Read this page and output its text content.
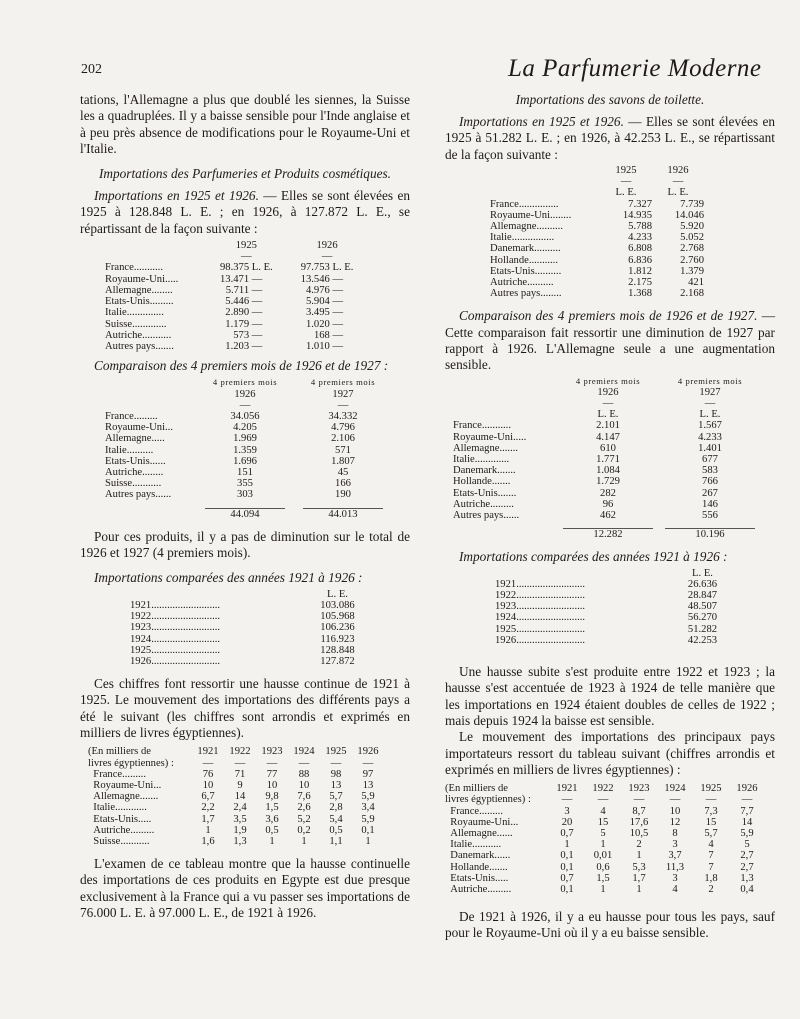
202	La Parfumerie Moderne

tations, l'Allemagne a plus que doublé les siennes, la Suisse les a quadruplées. Il y a baisse sensible pour l'Inde anglaise et à peu près absence de modifications pour le Royaume-Uni et l'Italie.

Importations des Parfumeries et Produits cosmétiques.

Importations en 1925 et 1926. — Elles se sont élevées en 1925 à 128.848 L. E. ; en 1926, à 127.872 L. E., se répartissant de la façon suivante :

	1925			1926	
	—			—	
France...........	98.375	L. E.		97.753	L. E.
Royaume-Uni.....	13.471	—		13.546	—
Allemagne........	5.711	—		4.976	—
Etats-Unis.........	5.446	—		5.904	—
Italie..............	2.890	—		3.495	—
Suisse.............	1.179	—		1.020	—
Autriche...........	573	—		168	—
Autres pays.......	1.203	—		1.010	—

Comparaison des 4 premiers mois de 1926 et de 1927 :

	4 premiers mois		4 premiers mois
	1926		1927
	—		—
France.........	34.056		34.332
Royaume-Uni...	4.205		4.796
Allemagne.....	1.969		2.106
Italie..........	1.359		571
Etats-Unis......	1.696		1.807
Autriche........	151		45
Suisse...........	355		166
Autres pays......	303		190

	44.094		44.013

Pour ces produits, il y a pas de diminution sur le total de 1926 et 1927 (4 premiers mois).

Importations comparées des années 1921 à 1926 :

	L. E.
1921..........................	103.086
1922..........................	105.968
1923..........................	106.236
1924..........................	116.923
1925..........................	128.848
1926..........................	127.872

Ces chiffres font ressortir une hausse continue de 1921 à 1925. Le mouvement des importations des différents pays a été le suivant (les chiffres sont arrondis et exprimés en milliers de livres égyptiennes).

(En milliers de	1921	1922	1923	1924	1925	1926
livres égyptiennes) :	—	—	—	—	—	—
France.........	76	71	77	88	98	97
Royaume-Uni...	10	9	10	10	13	13
Allemagne.......	6,7	14	9,8	7,6	5,7	5,9
Italie............	2,2	2,4	1,5	2,6	2,8	3,4
Etats-Unis.....	1,7	3,5	3,6	5,2	5,4	5,9
Autriche.........	1	1,9	0,5	0,2	0,5	0,1
Suisse...........	1,6	1,3	1	1	1,1	1

L'examen de ce tableau montre que la hausse continuelle des importations de ces produits en Egypte est due presque exclusivement à la France qui a vu passer ses importations de 76.000 L. E. à 97.000 L. E., de 1921 à 1926.

Importations des savons de toilette.

Importations en 1925 et 1926. — Elles se sont élevées en 1925 à 51.282 L. E. ; en 1926, à 42.253 L. E., se répartissant de la façon suivante :

	1925	1926
	—	—
	L. E.	L. E.
France...............	7.327	7.739
Royaume-Uni........	14.935	14.046
Allemagne..........	5.788	5.920
Italie................	4.233	5.052
Danemark..........	6.808	2.768
Hollande...........	6.836	2.760
Etats-Unis..........	1.812	1.379
Autriche..........	2.175	421
Autres pays........	1.368	2.168

Comparaison des 4 premiers mois de 1926 et de 1927. — Cette comparaison fait ressortir une diminution de 1927 par rapport à 1926. L'Allemagne seule a une augmentation sensible.

	4 premiers mois		4 premiers mois
	1926		1927
	—		—
	L. E.		L. E.
France...........	2.101		1.567
Royaume-Uni.....	4.147		4.233
Allemagne.......	610		1.401
Italie.............	1.771		677
Danemark.......	1.084		583
Hollande.......	1.729		766
Etats-Unis.......	282		267
Autriche.........	96		146
Autres pays......	462		556

	12.282		10.196

Importations comparées des années 1921 à 1926 :

	L. E.
1921..........................	26.636
1922..........................	28.847
1923..........................	48.507
1924..........................	56.270
1925..........................	51.282
1926..........................	42.253

Une hausse subite s'est produite entre 1922 et 1923 ; la hausse s'est accentuée de 1923 à 1924 de telle manière que les importations en 1924 étaient doubles de celles de 1922 ; mais depuis 1924 la baisse est sensible.

Le mouvement des importations des principaux pays importateurs ressort du tableau suivant (chiffres arrondis et exprimés en milliers de livres égyptiennes) :

(En milliers de	1921	1922	1923	1924	1925	1926
livres égyptiennes) :	—	—	—	—	—	—
France.........	3	4	8,7	10	7,3	7,7
Royaume-Uni...	20	15	17,6	12	15	14
Allemagne......	0,7	5	10,5	8	5,7	5,9
Italie...........	1	1	2	3	4	5
Danemark......	0,1	0,01	1	3,7	7	2,7
Hollande.......	0,1	0,6	5,3	11,3	7	2,7
Etats-Unis.....	0,7	1,5	1,7	3	1,8	1,3
Autriche.........	0,1	1	1	4	2	0,4

De 1921 à 1926, il y a eu hausse pour tous les pays, sauf pour le Royaume-Uni où il y a eu baisse sensible.
